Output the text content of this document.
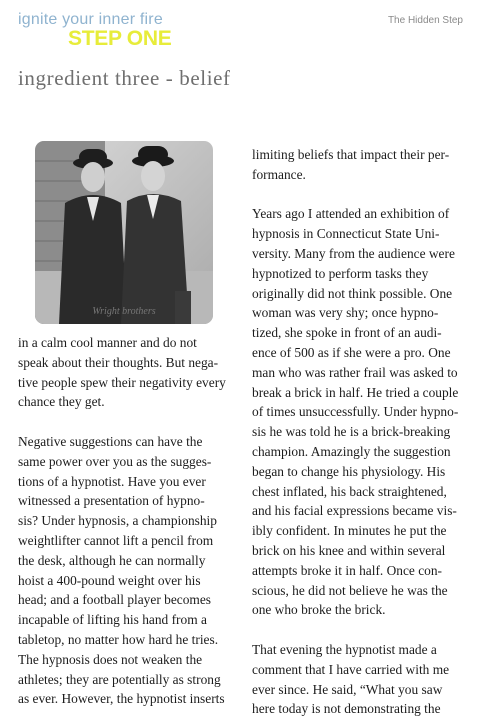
ignite your inner fire
STEP ONE
The Hidden Step
ingredient three - belief
Wright brothers
in a calm cool manner and do not
speak about their thoughts. But nega-
tive people spew their negativity every
chance they get.
Negative suggestions can have the
same power over you as the sugges-
tions of a hypnotist. Have you ever
witnessed a presentation of hypno-
sis? Under hypnosis, a championship
weightlifter cannot lift a pencil from
the desk, although he can normally
hoist a 400-pound weight over his
head; and a football player becomes
incapable of lifting his hand from a
tabletop, no matter how hard he tries.
The hypnosis does not weaken the
athletes; they are potentially as strong
as ever. However, the hypnotist inserts
limiting beliefs that impact their per-
formance.
Years ago I attended an exhibition of
hypnosis in Connecticut State Uni-
versity. Many from the audience were
hypnotized to perform tasks they
originally did not think possible. One
woman was very shy; once hypno-
tized, she spoke in front of an audi-
ence of 500 as if she were a pro. One
man who was rather frail was asked to
break a brick in half. He tried a couple
of times unsuccessfully. Under hypno-
sis he was told he is a brick-breaking
champion. Amazingly the suggestion
began to change his physiology. His
chest inflated, his back straightened,
and his facial expressions became vis-
ibly confident. In minutes he put the
brick on his knee and within several
attempts broke it in half. Once con-
scious, he did not believe he was the
one who broke the brick.
That evening the hypnotist made a
comment that I have carried with me
ever since. He said, “What you saw
here today is not demonstrating the
